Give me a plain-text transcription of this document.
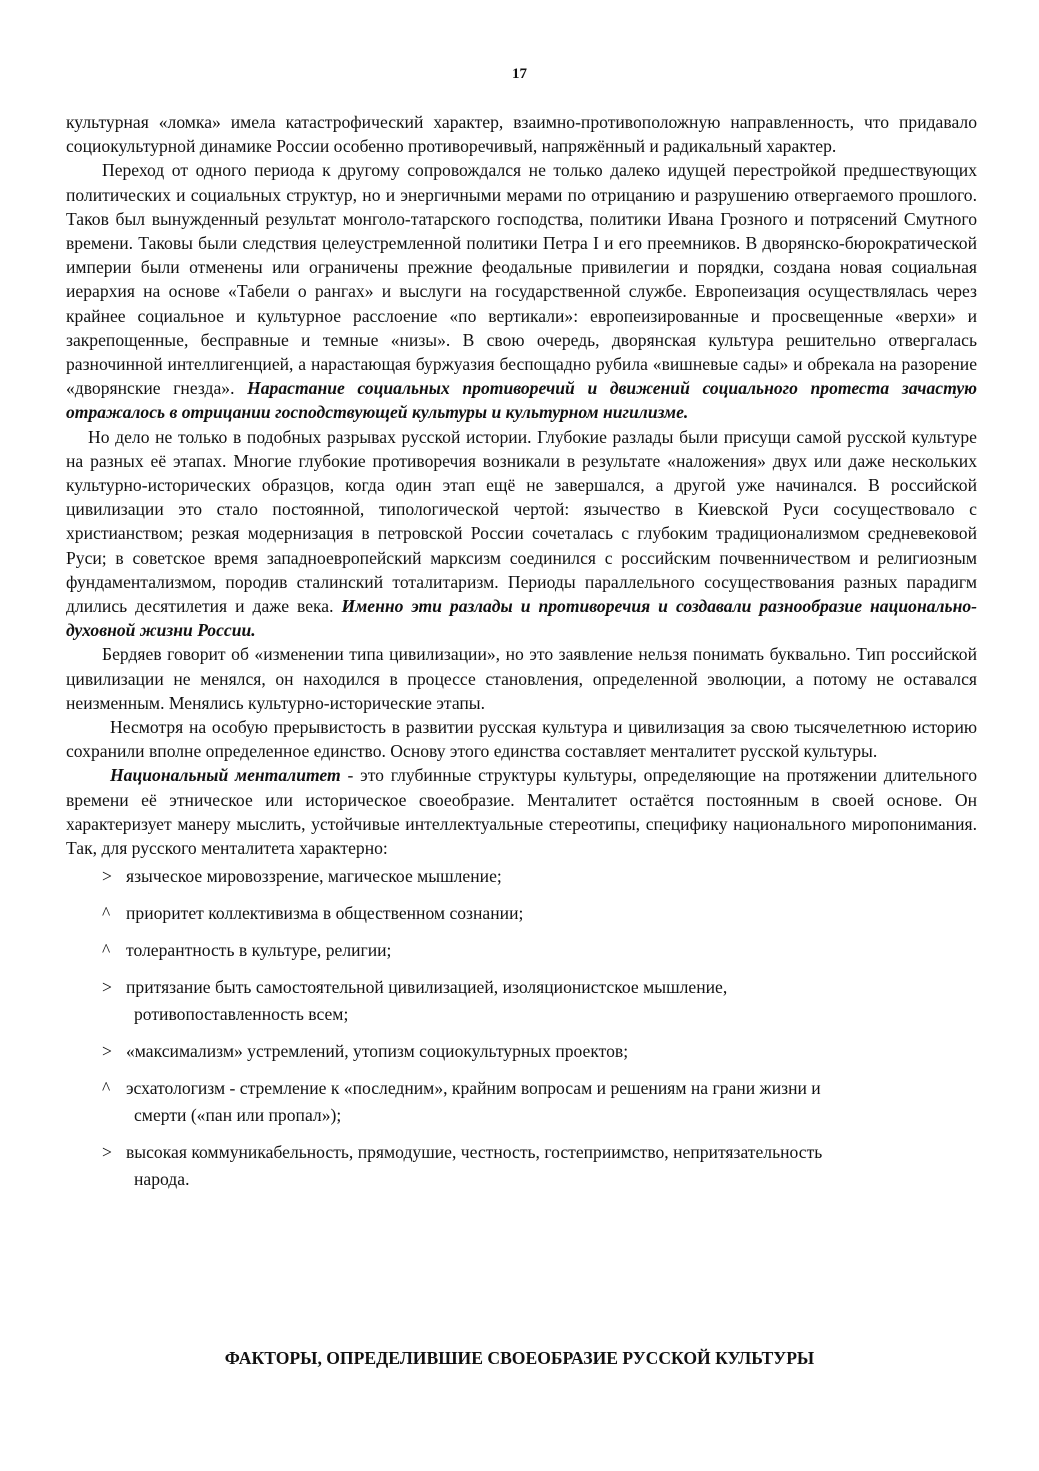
17

культурная «ломка» имела катастрофический характер, взаимно-противоположную направленность, что придавало социокультурной динамике России особенно противоречивый, напряжённый и радикальный характер.

Переход от одного периода к другому сопровождался не только далеко идущей перестройкой предшествующих политических и социальных структур, но и энергичными мерами по отрицанию и разрушению отвергаемого прошлого. Таков был вынужденный результат монголо-татарского господства, политики Ивана Грозного и потрясений Смутного времени. Таковы были следствия целеустремленной политики Петра I и его преемников. В дворянско-бюрократической империи были отменены или ограничены прежние феодальные привилегии и порядки, создана новая социальная иерархия на основе «Табели о рангах» и выслуги на государственной службе. Европеизация осуществлялась через крайнее социальное и культурное расслоение «по вертикали»: европеизированные и просвещенные «верхи» и закрепощенные, бесправные и темные «низы». В свою очередь, дворянская культура решительно отвергалась разночинной интеллигенцией, а нарастающая буржуазия беспощадно рубила «вишневые сады» и обрекала на разорение «дворянские гнезда». Нарастание социальных противоречий и движений социального протеста зачастую отражалось в отрицании господствующей культуры и культурном нигилизме.

Но дело не только в подобных разрывах русской истории. Глубокие разлады были присущи самой русской культуре на разных её этапах. Многие глубокие противоречия возникали в результате «наложения» двух или даже нескольких культурно-исторических образцов, когда один этап ещё не завершался, а другой уже начинался. В российской цивилизации это стало постоянной, типологической чертой: язычество в Киевской Руси сосуществовало с христианством; резкая модернизация в петровской России сочеталась с глубоким традиционализмом средневековой Руси; в советское время западноевропейский марксизм соединился с российским почвенничеством и религиозным фундаментализмом, породив сталинский тоталитаризм. Периоды параллельного сосуществования разных парадигм длились десятилетия и даже века. Именно эти разлады и противоречия и создавали разнообразие национально-духовной жизни России.

Бердяев говорит об «изменении типа цивилизации», но это заявление нельзя понимать буквально. Тип российской цивилизации не менялся, он находился в процессе становления, определенной эволюции, а потому не оставался неизменным. Менялись культурно-исторические этапы.

Несмотря на особую прерывистость в развитии русская культура и цивилизация за свою тысячелетнюю историю сохранили вполне определенное единство. Основу этого единства составляет менталитет русской культуры.

Национальный менталитет - это глубинные структуры культуры, определяющие на протяжении длительного времени её этническое или историческое своеобразие. Менталитет остаётся постоянным в своей основе. Он характеризует манеру мыслить, устойчивые интеллектуальные стереотипы, специфику национального миропонимания. Так, для русского менталитета характерно:

> языческое мировоззрение, магическое мышление;
^ приоритет коллективизма в общественном сознании;
^ толерантность в культуре, религии;
> притязание быть самостоятельной цивилизацией, изоляционистское мышление,
ротивопоставленность всем;
> «максимализм» устремлений, утопизм социокультурных проектов;
^ эсхатологизм - стремление к «последним», крайним вопросам и решениям на грани жизни и
смерти («пан или пропал»);
> высокая коммуникабельность, прямодушие, честность, гостеприимство, непритязательность
народа.
ФАКТОРЫ, ОПРЕДЕЛИВШИЕ СВОЕОБРАЗИЕ РУССКОЙ КУЛЬТУРЫ
